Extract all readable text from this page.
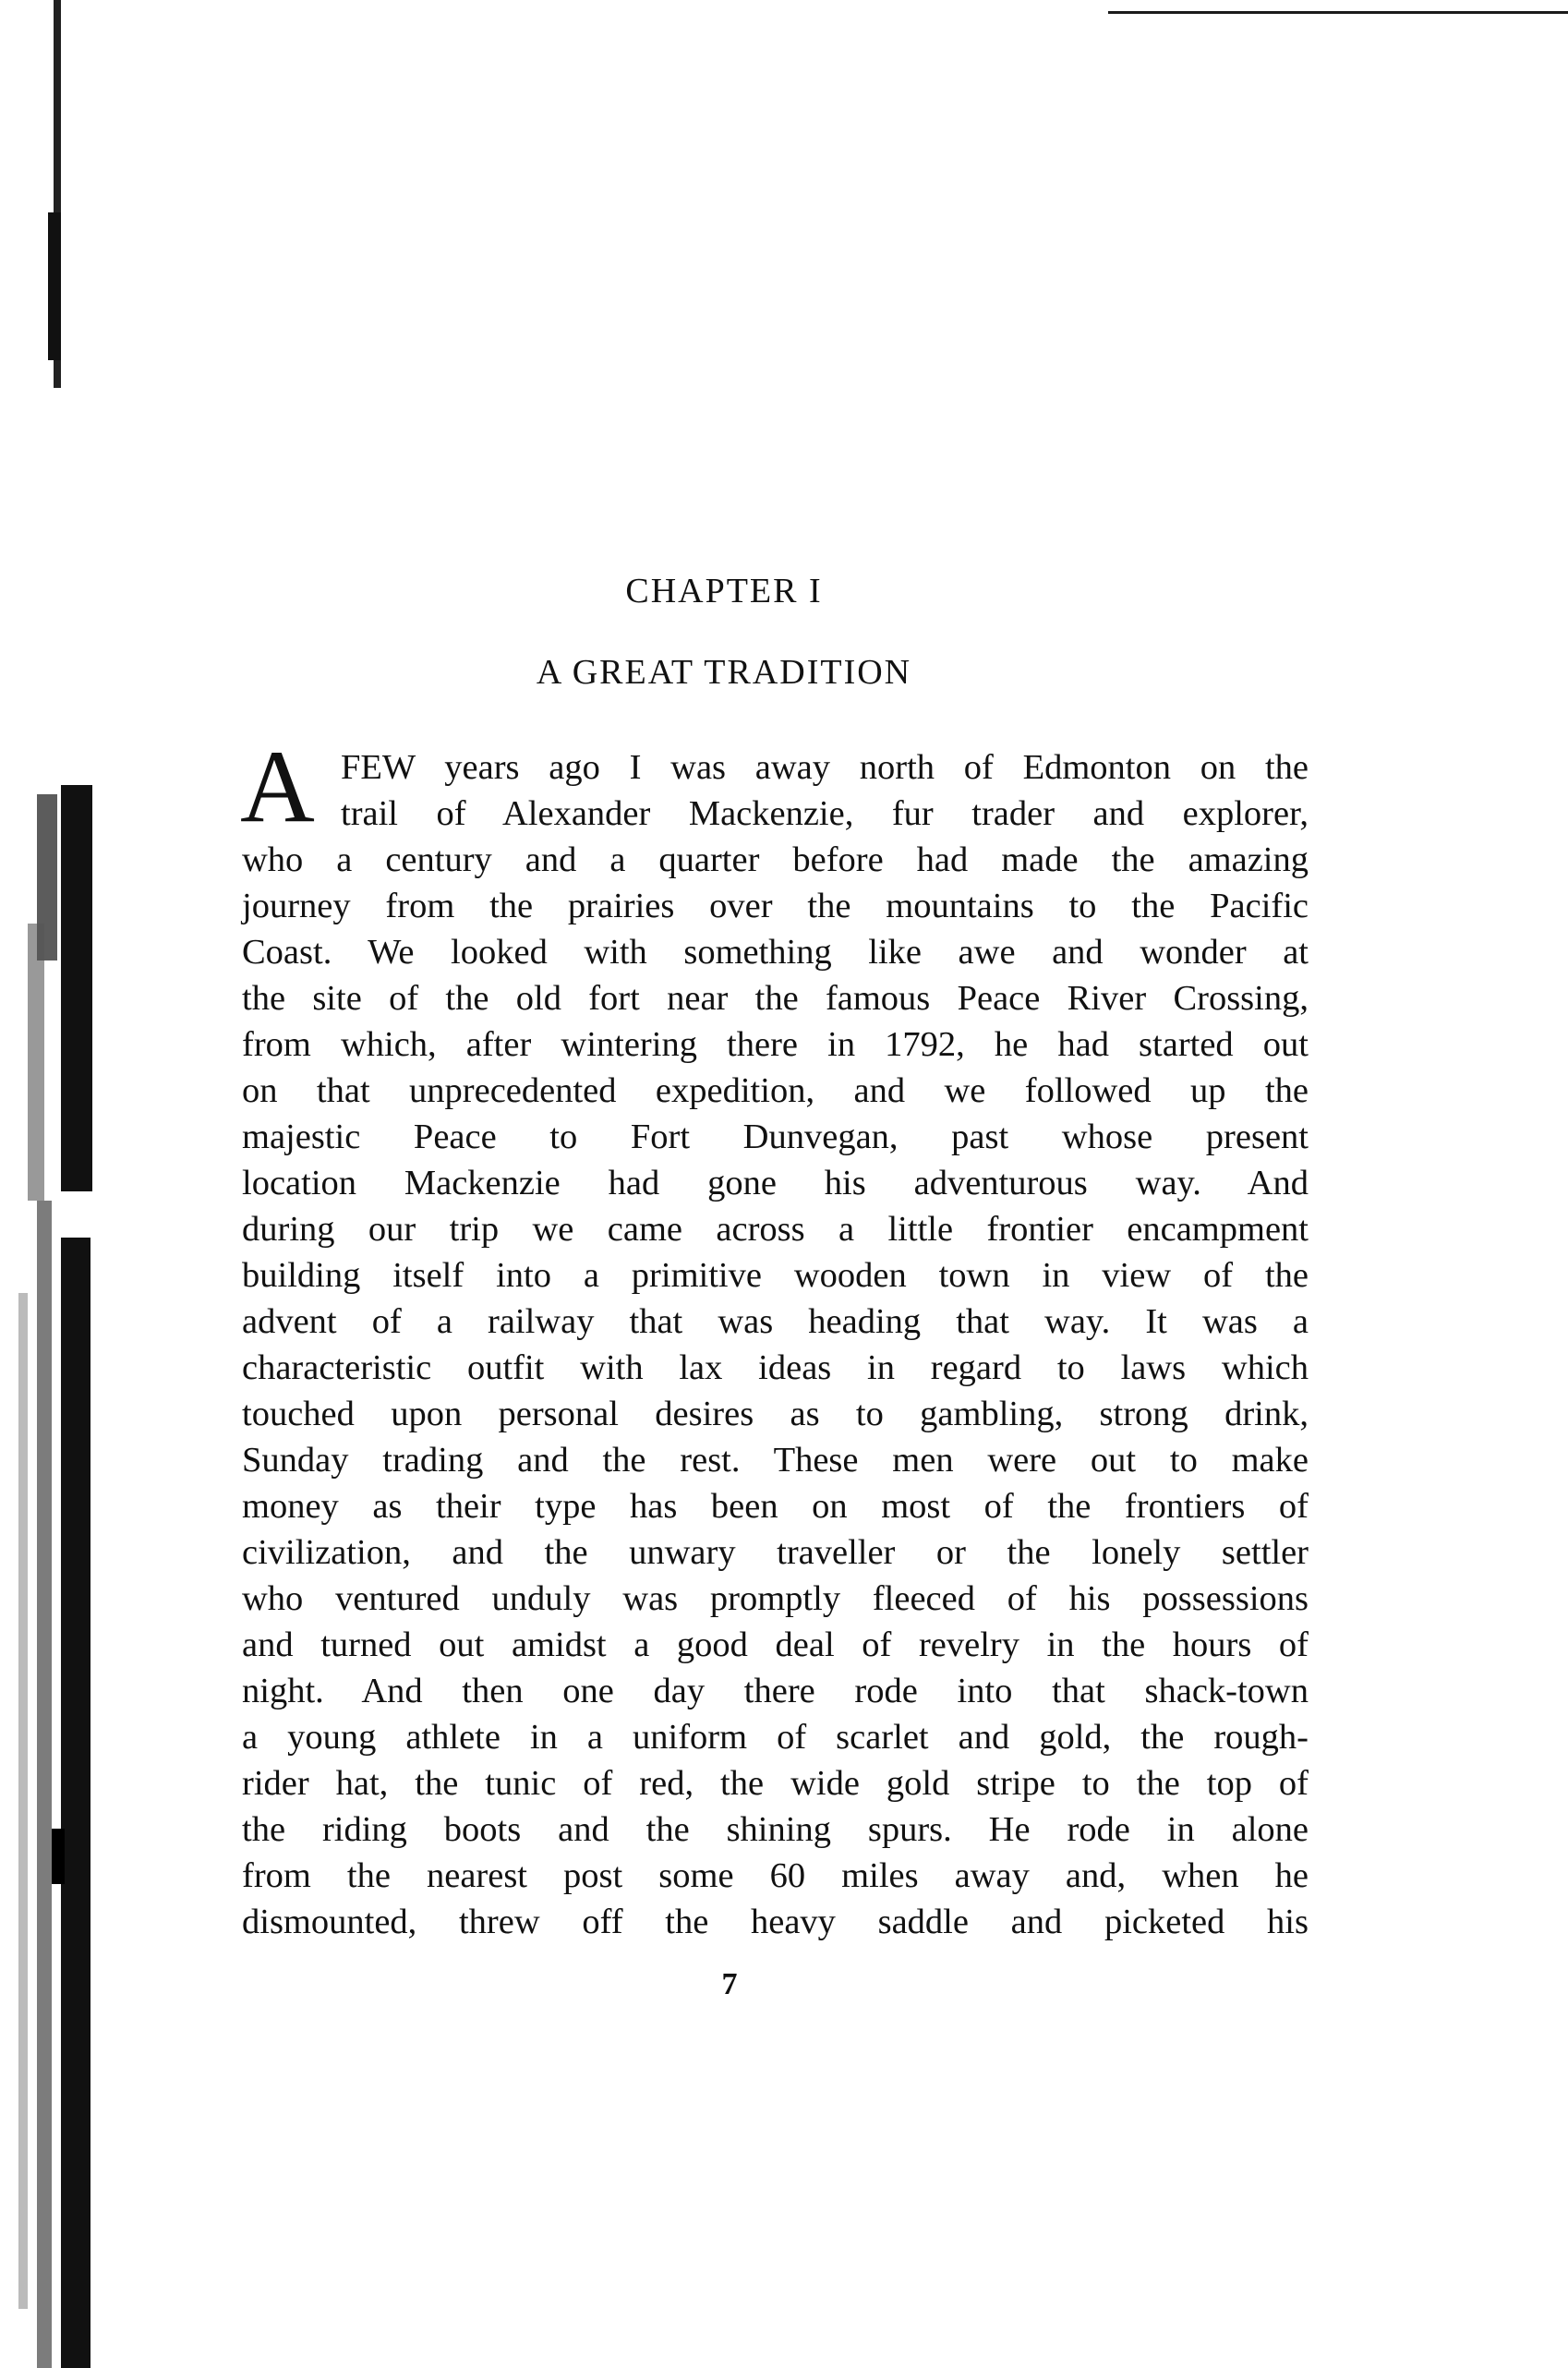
CHAPTER I
A GREAT TRADITION
A FEW years ago I was away north of Edmonton on the
trail of Alexander Mackenzie, fur trader and explorer,
who a century and a quarter before had made the amazing
journey from the prairies over the mountains to the Pacific
Coast. We looked with something like awe and wonder at
the site of the old fort near the famous Peace River Crossing,
from which, after wintering there in 1792, he had started out
on that unprecedented expedition, and we followed up the
majestic Peace to Fort Dunvegan, past whose present
location Mackenzie had gone his adventurous way. And
during our trip we came across a little frontier encampment
building itself into a primitive wooden town in view of the
advent of a railway that was heading that way. It was a
characteristic outfit with lax ideas in regard to laws which
touched upon personal desires as to gambling, strong drink,
Sunday trading and the rest. These men were out to make
money as their type has been on most of the frontiers of
civilization, and the unwary traveller or the lonely settler
who ventured unduly was promptly fleeced of his possessions
and turned out amidst a good deal of revelry in the hours of
night. And then one day there rode into that shack-town
a young athlete in a uniform of scarlet and gold, the rough-
rider hat, the tunic of red, the wide gold stripe to the top of
the riding boots and the shining spurs. He rode in alone
from the nearest post some 60 miles away and, when he
dismounted, threw off the heavy saddle and picketed his
7
